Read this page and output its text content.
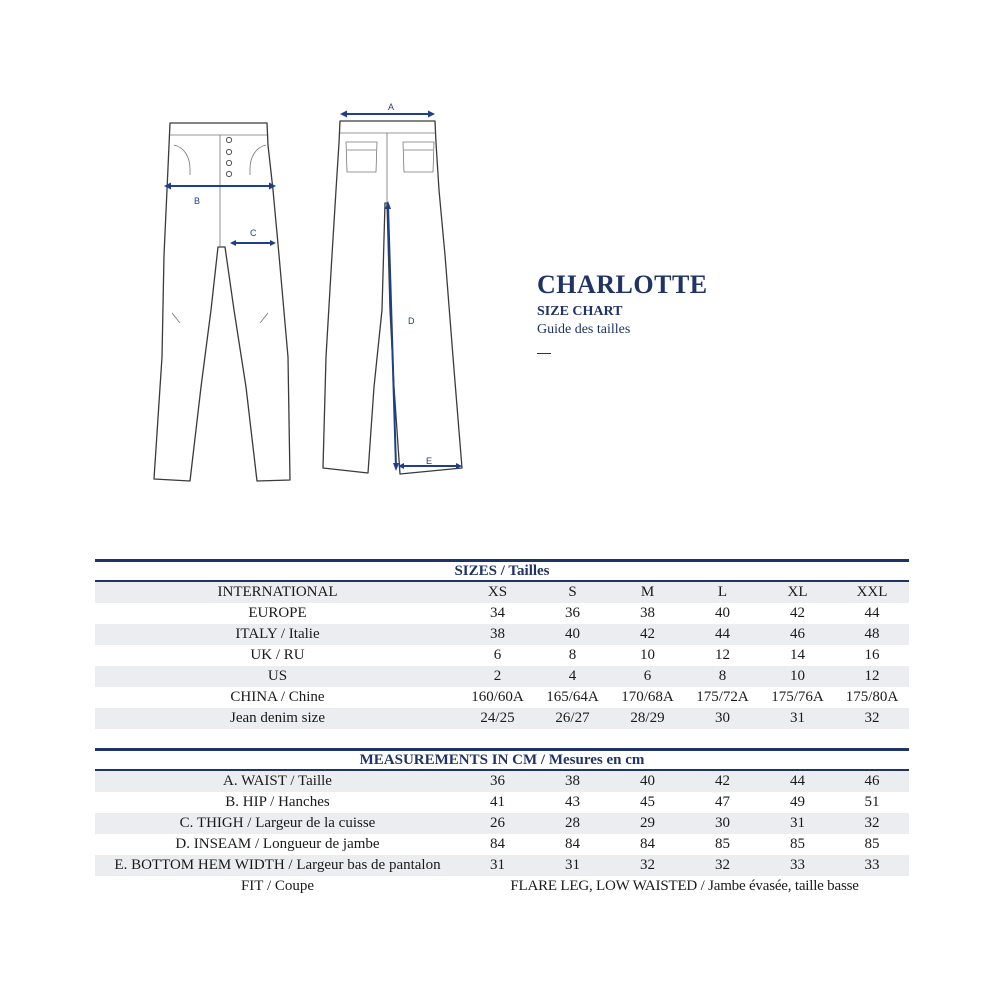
B
C
A
D
E
CHARLOTTE
SIZE CHART
Guide des tailles
SIZES / Tailles						
INTERNATIONAL	XS	S	M	L	XL	XXL
EUROPE	34	36	38	40	42	44
ITALY / Italie	38	40	42	44	46	48
UK / RU	6	8	10	12	14	16
US	2	4	6	8	10	12
CHINA / Chine	160/60A	165/64A	170/68A	175/72A	175/76A	175/80A
Jean denim size	24/25	26/27	28/29	30	31	32
MEASUREMENTS IN CM / Mesures en cm						
A. WAIST / Taille	36	38	40	42	44	46
B. HIP / Hanches	41	43	45	47	49	51
C. THIGH / Largeur de la cuisse	26	28	29	30	31	32
D. INSEAM / Longueur de jambe	84	84	84	85	85	85
E. BOTTOM HEM WIDTH / Largeur bas de pantalon	31	31	32	32	33	33
FIT / Coupe	FLARE LEG, LOW WAISTED / Jambe évasée, taille basse					
